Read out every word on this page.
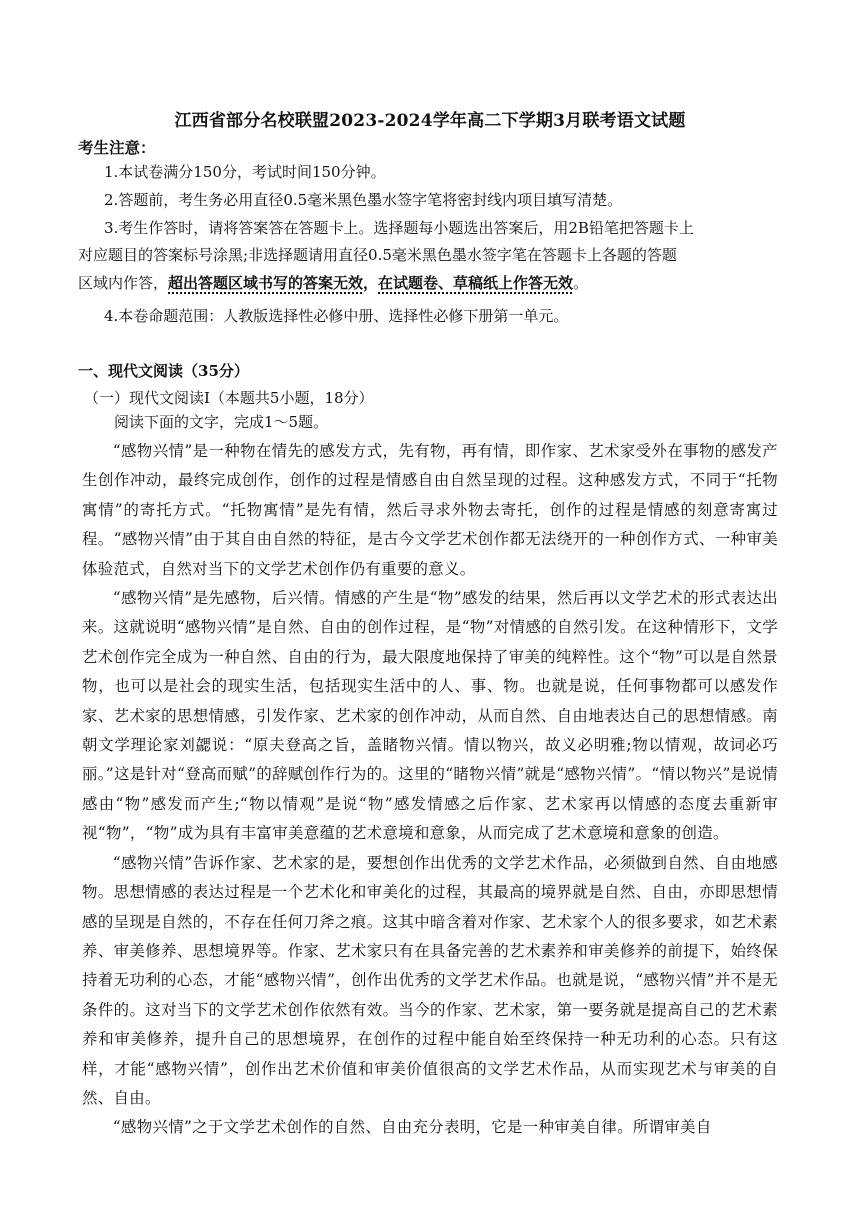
江西省部分名校联盟2023-2024学年高二下学期3月联考语文试题
考生注意：
1.本试卷满分150分，考试时间150分钟。
2.答题前，考生务必用直径0.5毫米黑色墨水签字笔将密封线内项目填写清楚。
3.考生作答时，请将答案答在答题卡上。选择题每小题选出答案后，用2B铅笔把答题卡上
对应题目的答案标号涂黑;非选择题请用直径0.5毫米黑色墨水签字笔在答题卡上各题的答题
区域内作答，超出答题区域书写的答案无效，在试题卷、草稿纸上作答无效。
4.本卷命题范围：人教版选择性必修中册、选择性必修下册第一单元。
一、现代文阅读（35分）
（一）现代文阅读Ⅰ（本题共5小题，18分）
阅读下面的文字，完成1～5题。

“感物兴情”是一种物在情先的感发方式，先有物，再有情，即作家、艺术家受外在事物的感发产生创作冲动，最终完成创作，创作的过程是情感自由自然呈现的过程。这种感发方式，不同于“托物寓情”的寄托方式。“托物寓情”是先有情，然后寻求外物去寄托，创作的过程是情感的刻意寄寓过程。“感物兴情”由于其自由自然的特征，是古今文学艺术创作都无法绕开的一种创作方式、一种审美体验范式，自然对当下的文学艺术创作仍有重要的意义。

“感物兴情”是先感物，后兴情。情感的产生是“物”感发的结果，然后再以文学艺术的形式表达出来。这就说明“感物兴情”是自然、自由的创作过程，是“物”对情感的自然引发。在这种情形下，文学艺术创作完全成为一种自然、自由的行为，最大限度地保持了审美的纯粹性。这个“物”可以是自然景物，也可以是社会的现实生活，包括现实生活中的人、事、物。也就是说，任何事物都可以感发作家、艺术家的思想情感，引发作家、艺术家的创作冲动，从而自然、自由地表达自己的思想情感。南朝文学理论家刘勰说：“原夫登高之旨，盖睹物兴情。情以物兴，故义必明雅;物以情观，故词必巧丽。”这是针对“登高而赋”的辞赋创作行为的。这里的“睹物兴情”就是“感物兴情”。“情以物兴”是说情感由“物”感发而产生;“物以情观”是说“物”感发情感之后作家、艺术家再以情感的态度去重新审视“物”，“物”成为具有丰富审美意蕴的艺术意境和意象，从而完成了艺术意境和意象的创造。

“感物兴情”告诉作家、艺术家的是，要想创作出优秀的文学艺术作品，必须做到自然、自由地感物。思想情感的表达过程是一个艺术化和审美化的过程，其最高的境界就是自然、自由，亦即思想情感的呈现是自然的，不存在任何刀斧之痕。这其中暗含着对作家、艺术家个人的很多要求，如艺术素养、审美修养、思想境界等。作家、艺术家只有在具备完善的艺术素养和审美修养的前提下，始终保持着无功利的心态，才能“感物兴情”，创作出优秀的文学艺术作品。也就是说，“感物兴情”并不是无条件的。这对当下的文学艺术创作依然有效。当今的作家、艺术家，第一要务就是提高自己的艺术素养和审美修养，提升自己的思想境界，在创作的过程中能自始至终保持一种无功利的心态。只有这样，才能“感物兴情”，创作出艺术价值和审美价值很高的文学艺术作品，从而实现艺术与审美的自然、自由。

“感物兴情”之于文学艺术创作的自然、自由充分表明，它是一种审美自律。所谓审美自
